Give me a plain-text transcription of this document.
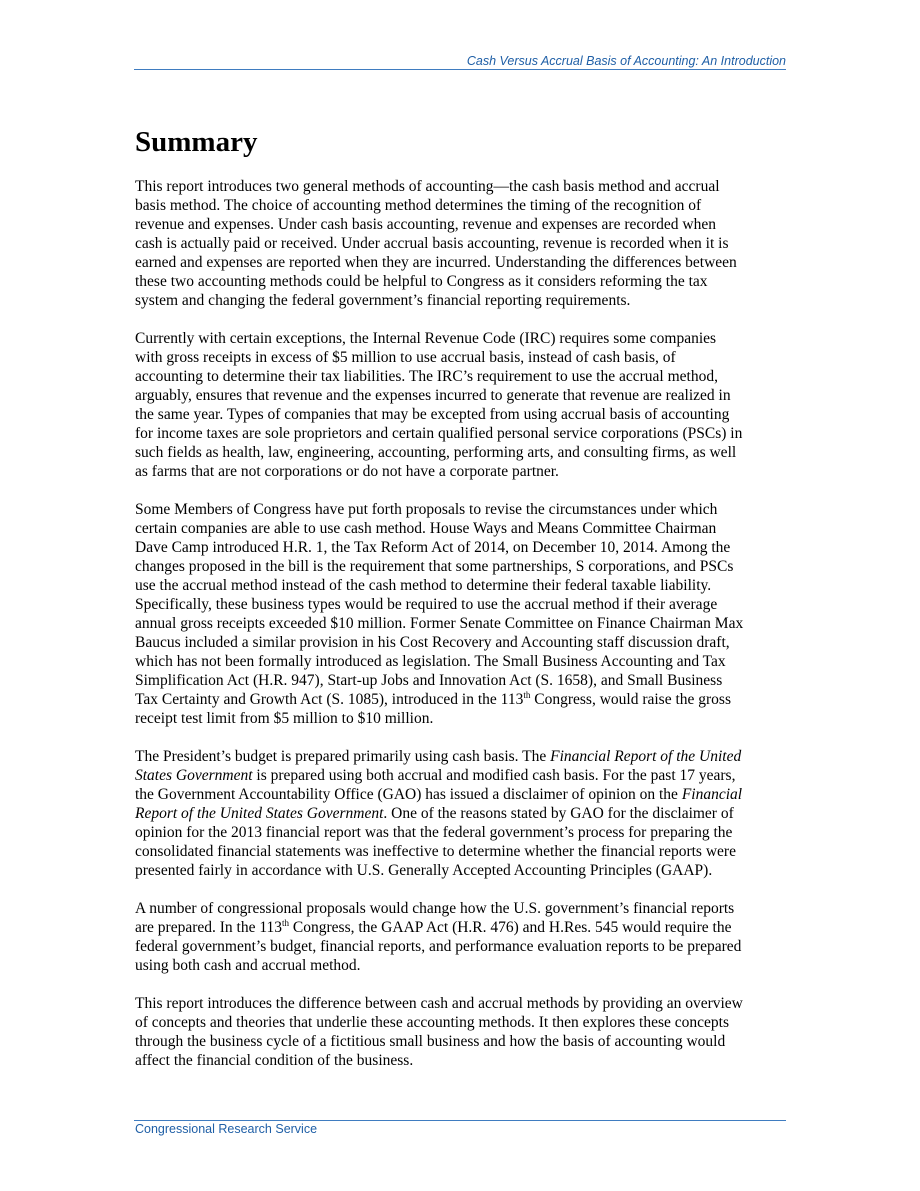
Cash Versus Accrual Basis of Accounting: An Introduction
Summary

This report introduces two general methods of accounting—the cash basis method and accrual
basis method. The choice of accounting method determines the timing of the recognition of
revenue and expenses. Under cash basis accounting, revenue and expenses are recorded when
cash is actually paid or received. Under accrual basis accounting, revenue is recorded when it is
earned and expenses are reported when they are incurred. Understanding the differences between
these two accounting methods could be helpful to Congress as it considers reforming the tax
system and changing the federal government’s financial reporting requirements.

Currently with certain exceptions, the Internal Revenue Code (IRC) requires some companies
with gross receipts in excess of $5 million to use accrual basis, instead of cash basis, of
accounting to determine their tax liabilities. The IRC’s requirement to use the accrual method,
arguably, ensures that revenue and the expenses incurred to generate that revenue are realized in
the same year. Types of companies that may be excepted from using accrual basis of accounting
for income taxes are sole proprietors and certain qualified personal service corporations (PSCs) in
such fields as health, law, engineering, accounting, performing arts, and consulting firms, as well
as farms that are not corporations or do not have a corporate partner.

Some Members of Congress have put forth proposals to revise the circumstances under which
certain companies are able to use cash method. House Ways and Means Committee Chairman
Dave Camp introduced H.R. 1, the Tax Reform Act of 2014, on December 10, 2014. Among the
changes proposed in the bill is the requirement that some partnerships, S corporations, and PSCs
use the accrual method instead of the cash method to determine their federal taxable liability.
Specifically, these business types would be required to use the accrual method if their average
annual gross receipts exceeded $10 million. Former Senate Committee on Finance Chairman Max
Baucus included a similar provision in his Cost Recovery and Accounting staff discussion draft,
which has not been formally introduced as legislation. The Small Business Accounting and Tax
Simplification Act (H.R. 947), Start-up Jobs and Innovation Act (S. 1658), and Small Business
Tax Certainty and Growth Act (S. 1085), introduced in the 113th Congress, would raise the gross
receipt test limit from $5 million to $10 million.

The President’s budget is prepared primarily using cash basis. The Financial Report of the United
States Government is prepared using both accrual and modified cash basis. For the past 17 years,
the Government Accountability Office (GAO) has issued a disclaimer of opinion on the Financial
Report of the United States Government. One of the reasons stated by GAO for the disclaimer of
opinion for the 2013 financial report was that the federal government’s process for preparing the
consolidated financial statements was ineffective to determine whether the financial reports were
presented fairly in accordance with U.S. Generally Accepted Accounting Principles (GAAP).

A number of congressional proposals would change how the U.S. government’s financial reports
are prepared. In the 113th Congress, the GAAP Act (H.R. 476) and H.Res. 545 would require the
federal government’s budget, financial reports, and performance evaluation reports to be prepared
using both cash and accrual method.

This report introduces the difference between cash and accrual methods by providing an overview
of concepts and theories that underlie these accounting methods. It then explores these concepts
through the business cycle of a fictitious small business and how the basis of accounting would
affect the financial condition of the business.

Congressional Research Service
